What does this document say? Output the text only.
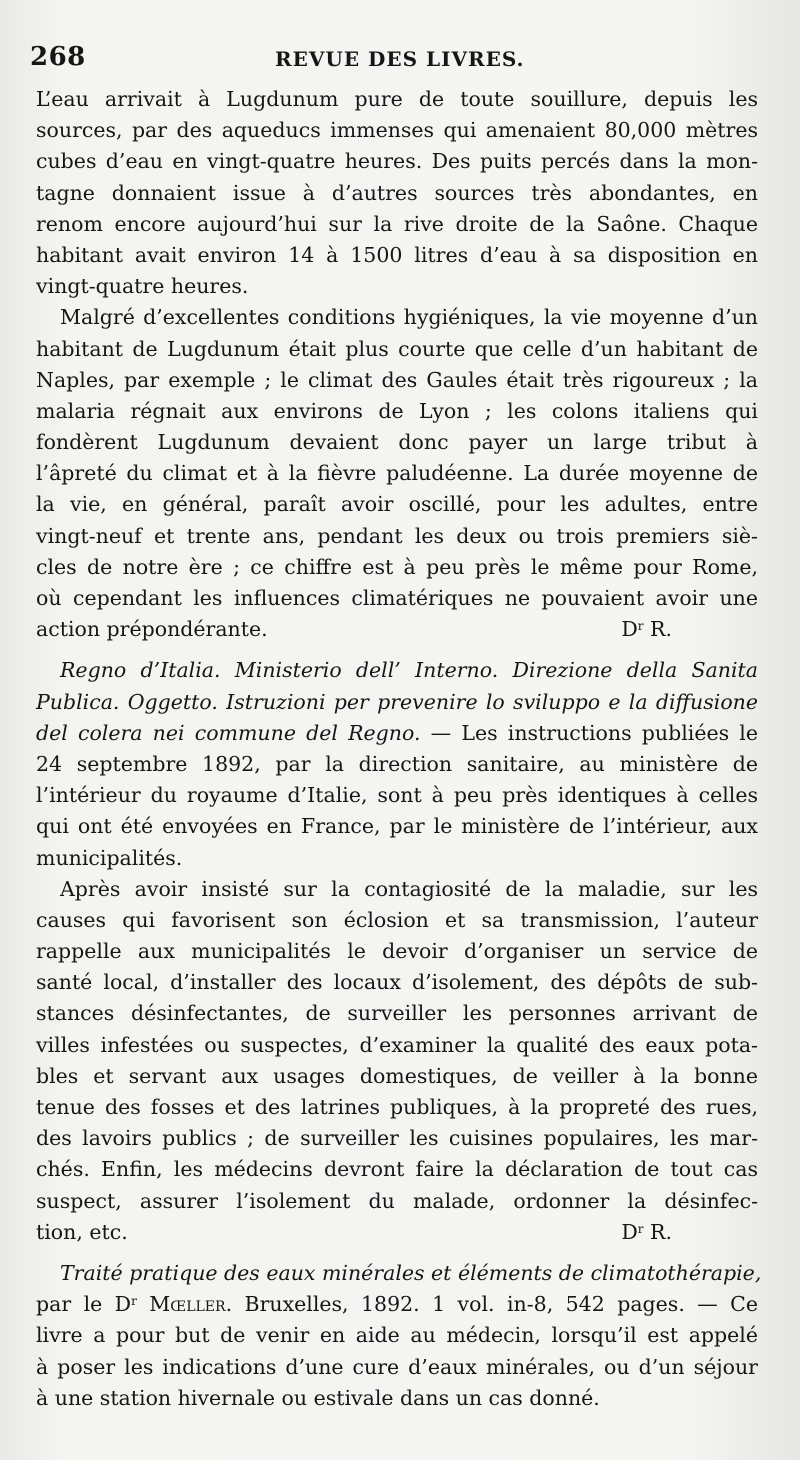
268	REVUE DES LIVRES.
L’eau arrivait à Lugdunum pure de toute souillure, depuis les
sources, par des aqueducs immenses qui amenaient 80,000 mètres
cubes d’eau en vingt-quatre heures. Des puits percés dans la mon-
tagne donnaient issue à d’autres sources très abondantes, en
renom encore aujourd’hui sur la rive droite de la Saône. Chaque
habitant avait environ 14 à 1500 litres d’eau à sa disposition en
vingt-quatre heures.
Malgré d’excellentes conditions hygiéniques, la vie moyenne d’un
habitant de Lugdunum était plus courte que celle d’un habitant de
Naples, par exemple ; le climat des Gaules était très rigoureux ; la
malaria régnait aux environs de Lyon ; les colons italiens qui
fondèrent Lugdunum devaient donc payer un large tribut à
l’âpreté du climat et à la fièvre paludéenne. La durée moyenne de
la vie, en général, paraît avoir oscillé, pour les adultes, entre
vingt-neuf et trente ans, pendant les deux ou trois premiers siè-
cles de notre ère ; ce chiffre est à peu près le même pour Rome,
où cependant les influences climatériques ne pouvaient avoir une
action prépondérante.	$D^r$ R.
Regno d’Italia. Ministerio dell’ Interno. Direzione della Sanita
Publica. Oggetto. Istruzioni per prevenire lo sviluppo e la diffusione
del colera nei commune del Regno. — Les instructions publiées le
24 septembre 1892, par la direction sanitaire, au ministère de
l’intérieur du royaume d’Italie, sont à peu près identiques à celles
qui ont été envoyées en France, par le ministère de l’intérieur, aux
municipalités.
Après avoir insisté sur la contagiosité de la maladie, sur les
causes qui favorisent son éclosion et sa transmission, l’auteur
rappelle aux municipalités le devoir d’organiser un service de
santé local, d’installer des locaux d’isolement, des dépôts de sub-
stances désinfectantes, de surveiller les personnes arrivant de
villes infestées ou suspectes, d’examiner la qualité des eaux pota-
bles et servant aux usages domestiques, de veiller à la bonne
tenue des fosses et des latrines publiques, à la propreté des rues,
des lavoirs publics ; de surveiller les cuisines populaires, les mar-
chés. Enfin, les médecins devront faire la déclaration de tout cas
suspect, assurer l’isolement du malade, ordonner la désinfec-
tion, etc.	$D^r$ R.
Traité pratique des eaux minérales et éléments de climatothérapie,
par le $D^r$ Mœller. Bruxelles, 1892. 1 vol. in-8, 542 pages. — Ce
livre a pour but de venir en aide au médecin, lorsqu’il est appelé
à poser les indications d’une cure d’eaux minérales, ou d’un séjour
à une station hivernale ou estivale dans un cas donné.
